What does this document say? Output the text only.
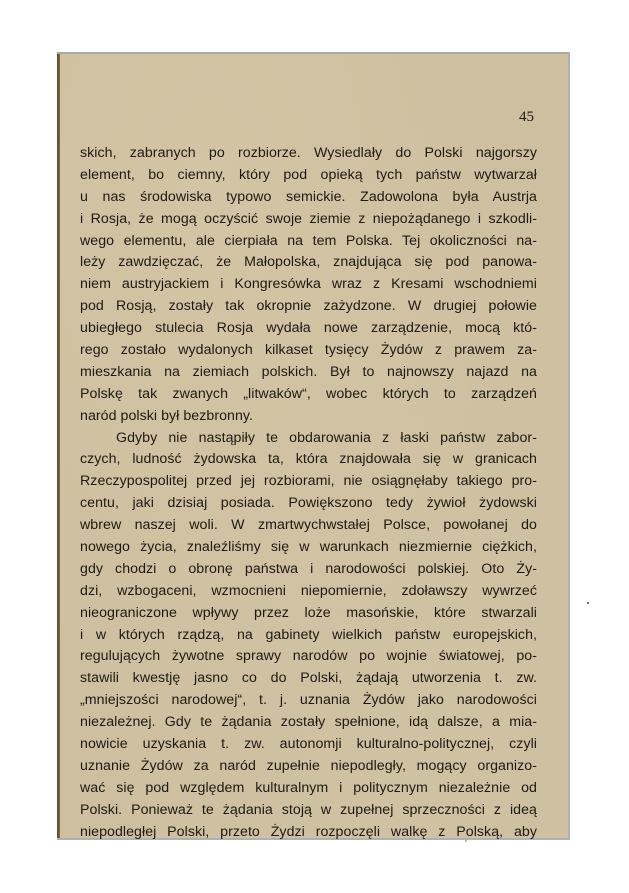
45
skich, zabranych po rozbiorze. Wysiedlały do Polski najgorszy
element, bo ciemny, który pod opieką tych państw wytwarzał
u nas środowiska typowo semickie. Zadowolona była Austrja
i Rosja, że mogą oczyścić swoje ziemie z niepożądanego i szkodli-
wego elementu, ale cierpiała na tem Polska. Tej okoliczności na-
leży zawdzięczać, że Małopolska, znajdująca się pod panowa-
niem austryjackiem i Kongresówka wraz z Kresami wschodniemi
pod Rosją, zostały tak okropnie zażydzone. W drugiej połowie
ubiegłego stulecia Rosja wydała nowe zarządzenie, mocą któ-
rego zostało wydalonych kilkaset tysięcy Żydów z prawem za-
mieszkania na ziemiach polskich. Był to najnowszy najazd na
Polskę tak zwanych „litwaków“, wobec których to zarządzeń
naród polski był bezbronny.
Gdyby nie nastąpiły te obdarowania z łaski państw zabor-
czych, ludność żydowska ta, która znajdowała się w granicach
Rzeczypospolitej przed jej rozbiorami, nie osiągnęłaby takiego pro-
centu, jaki dzisiaj posiada. Powiększono tedy żywioł żydowski
wbrew naszej woli. W zmartwychwstałej Polsce, powołanej do
nowego życia, znaleźliśmy się w warunkach niezmiernie ciężkich,
gdy chodzi o obronę państwa i narodowości polskiej. Oto Ży-
dzi, wzbogaceni, wzmocnieni niepomiernie, zdoławszy wywrzeć
nieograniczone wpływy przez loże masońskie, które stwarzali
i w których rządzą, na gabinety wielkich państw europejskich,
regulujących żywotne sprawy narodów po wojnie światowej, po-
stawili kwestję jasno co do Polski, żądają utworzenia t. zw.
„mniejszości narodowej“, t. j. uznania Żydów jako narodowości
niezależnej. Gdy te żądania zostały spełnione, idą dalsze, a mia-
nowicie uzyskania t. zw. autonomji kulturalno-politycznej, czyli
uznanie Żydów za naród zupełnie niepodległy, mogący organizo-
wać się pod względem kulturalnym i politycznym niezależnie od
Polski. Ponieważ te żądania stoją w zupełnej sprzeczności z ideą
niepodległej Polski, przeto Żydzi rozpoczęli walkę z Polską, aby
